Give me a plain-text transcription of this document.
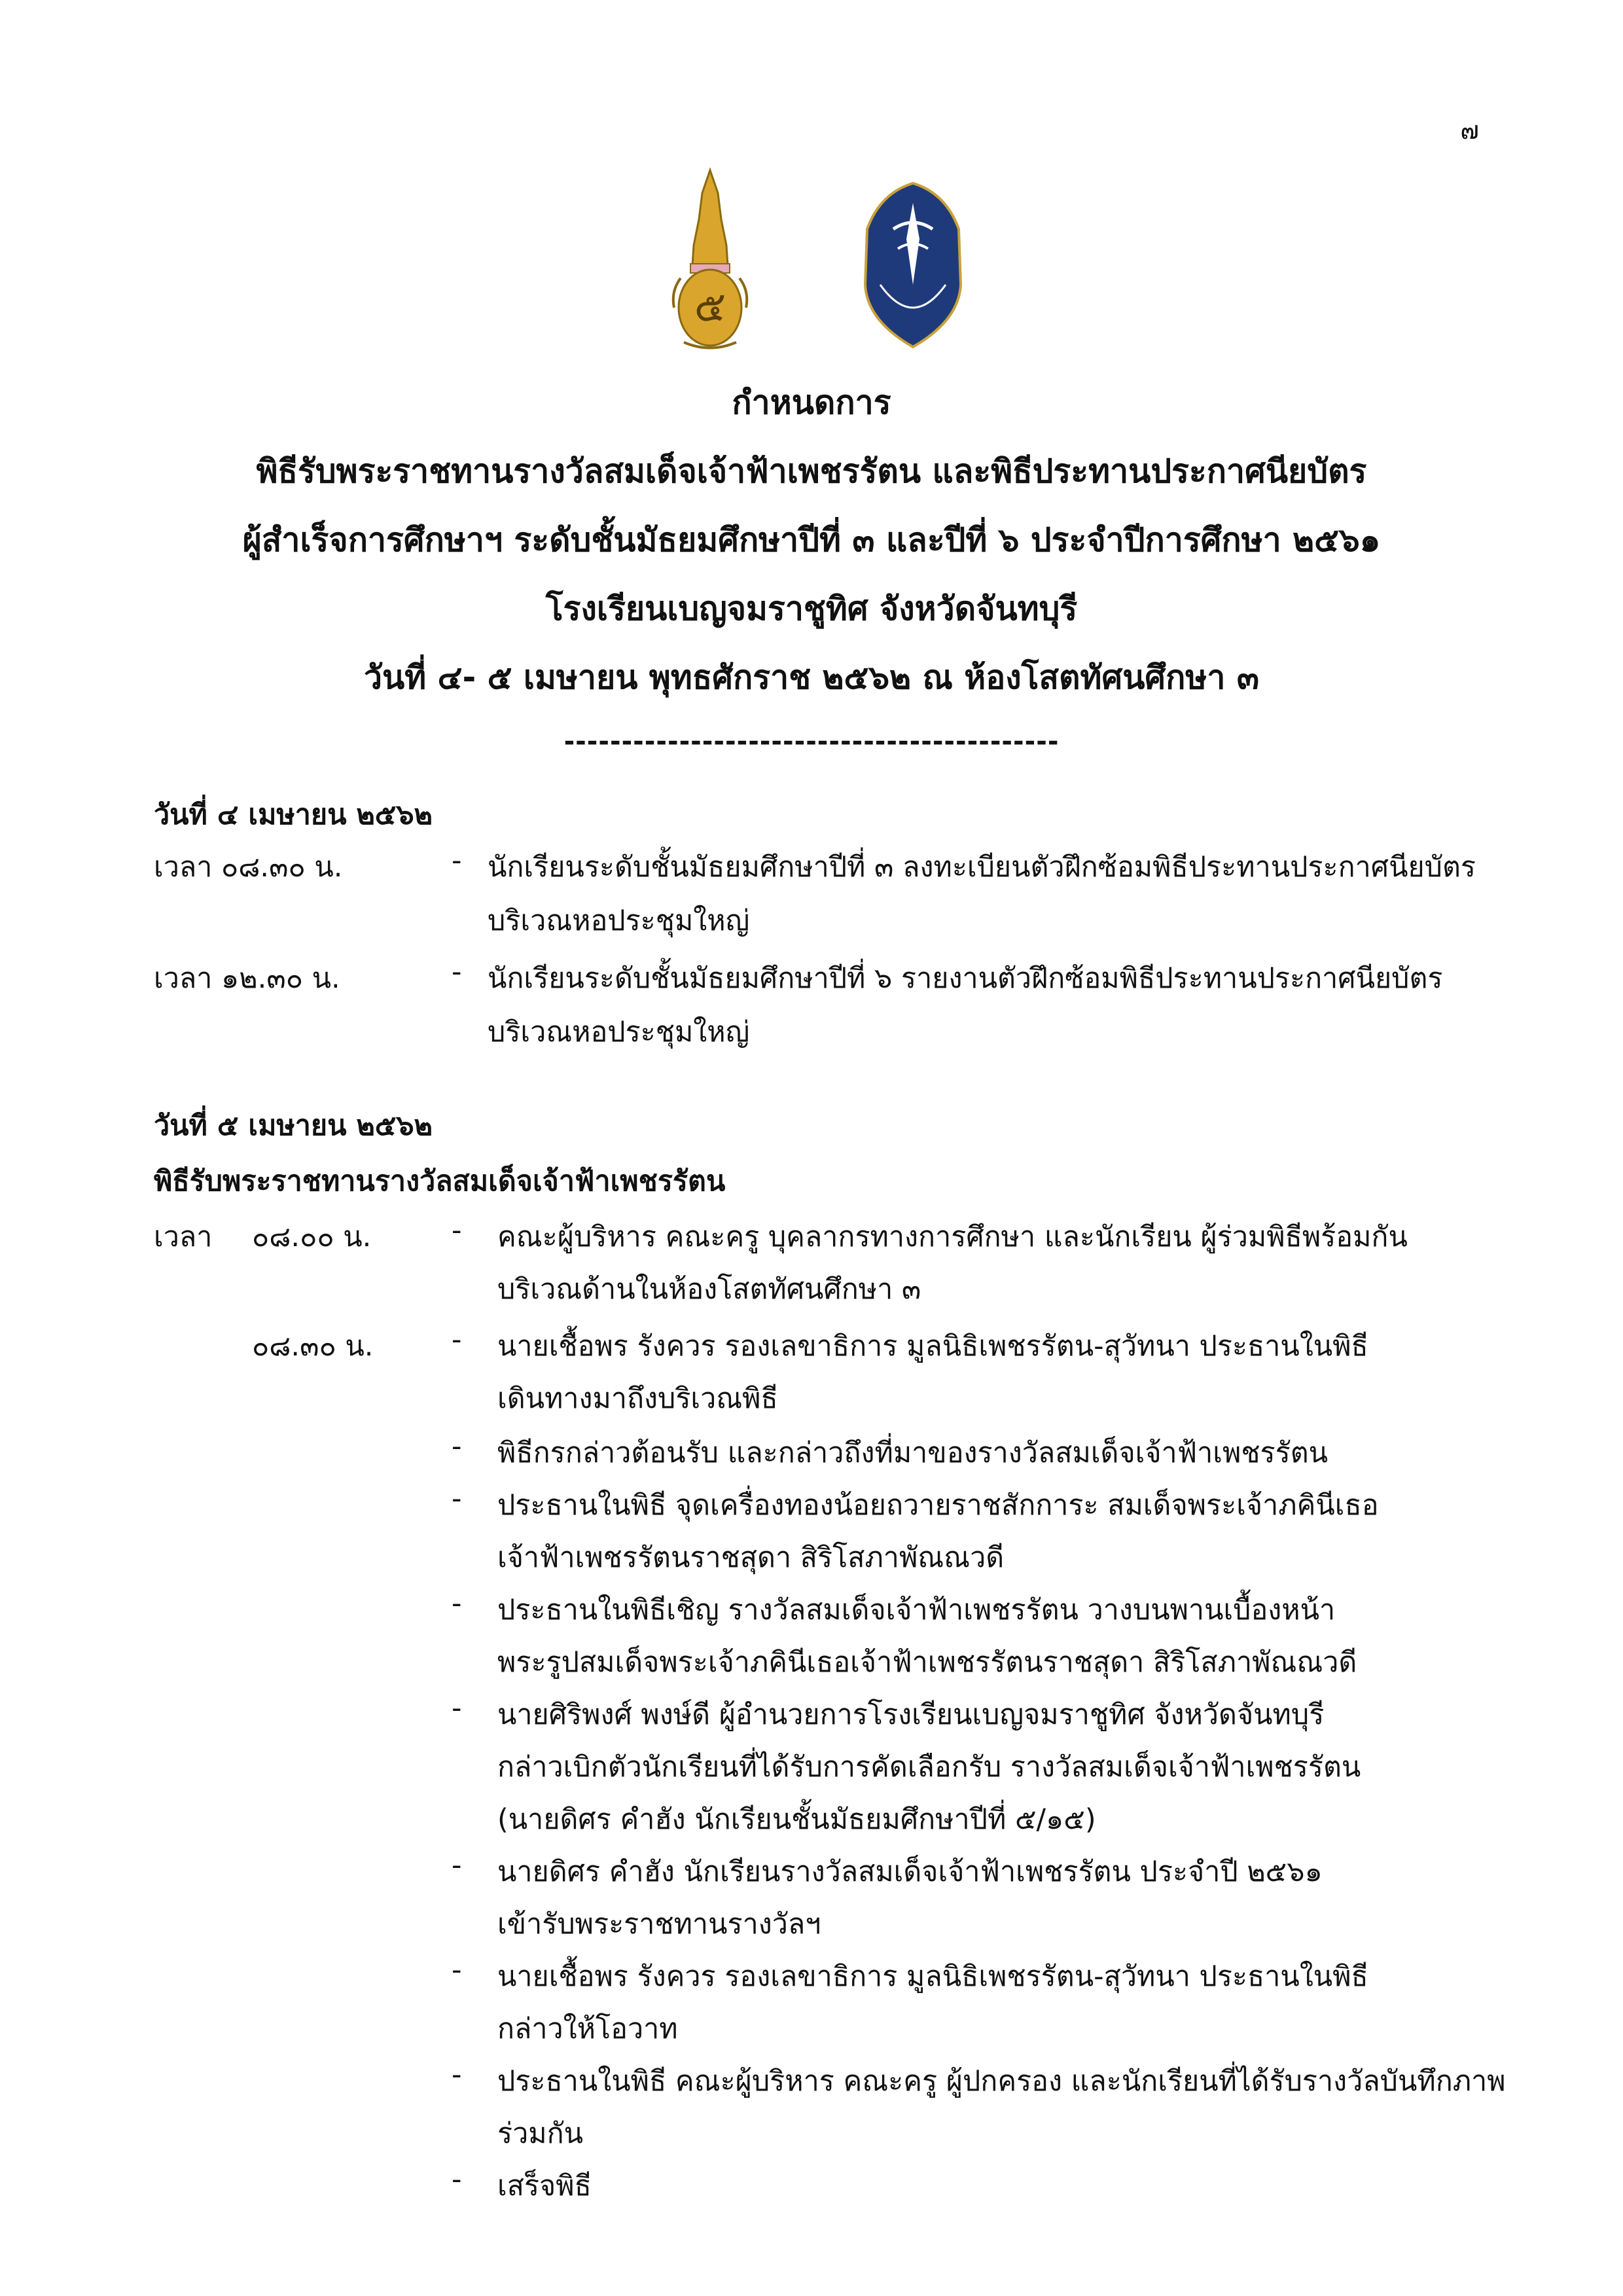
๗
๕
กำหนดการ
พิธีรับพระราชทานรางวัลสมเด็จเจ้าฟ้าเพชรรัตน และพิธีประทานประกาศนียบัตร
ผู้สำเร็จการศึกษาฯ ระดับชั้นมัธยมศึกษาปีที่ ๓ และปีที่ ๖ ประจำปีการศึกษา ๒๕๖๑
โรงเรียนเบญจมราชูทิศ จังหวัดจันทบุรี
วันที่ ๔- ๕ เมษายน พุทธศักราช ๒๕๖๒ ณ ห้องโสตทัศนศึกษา ๓
-------------------------------------------
วันที่ ๔ เมษายน ๒๕๖๒
เวลา ๐๘.๓๐ น.	- นักเรียนระดับชั้นมัธยมศึกษาปีที่ ๓ ลงทะเบียนตัวฝึกซ้อมพิธีประทานประกาศนียบัตร
บริเวณหอประชุมใหญ่
เวลา ๑๒.๓๐ น.	- นักเรียนระดับชั้นมัธยมศึกษาปีที่ ๖ รายงานตัวฝึกซ้อมพิธีประทานประกาศนียบัตร
บริเวณหอประชุมใหญ่
วันที่ ๕ เมษายน ๒๕๖๒
พิธีรับพระราชทานรางวัลสมเด็จเจ้าฟ้าเพชรรัตน
เวลา ๐๘.๐๐ น.	- คณะผู้บริหาร คณะครู บุคลากรทางการศึกษา และนักเรียน ผู้ร่วมพิธีพร้อมกัน
บริเวณด้านในห้องโสตทัศนศึกษา ๓
๐๘.๓๐ น.	- นายเชื้อพร รังควร รองเลขาธิการ มูลนิธิเพชรรัตน-สุวัทนา ประธานในพิธี
เดินทางมาถึงบริเวณพิธี
- พิธีกรกล่าวต้อนรับ และกล่าวถึงที่มาของรางวัลสมเด็จเจ้าฟ้าเพชรรัตน
- ประธานในพิธี จุดเครื่องทองน้อยถวายราชสักการะ สมเด็จพระเจ้าภคินีเธอ
เจ้าฟ้าเพชรรัตนราชสุดา สิริโสภาพัณณวดี
- ประธานในพิธีเชิญ รางวัลสมเด็จเจ้าฟ้าเพชรรัตน วางบนพานเบื้องหน้า
พระรูปสมเด็จพระเจ้าภคินีเธอเจ้าฟ้าเพชรรัตนราชสุดา สิริโสภาพัณณวดี
- นายศิริพงศ์ พงษ์ดี ผู้อำนวยการโรงเรียนเบญจมราชูทิศ จังหวัดจันทบุรี
กล่าวเบิกตัวนักเรียนที่ได้รับการคัดเลือกรับ รางวัลสมเด็จเจ้าฟ้าเพชรรัตน
(นายดิศร คำฮัง นักเรียนชั้นมัธยมศึกษาปีที่ ๕/๑๕)
- นายดิศร คำฮัง นักเรียนรางวัลสมเด็จเจ้าฟ้าเพชรรัตน ประจำปี ๒๕๖๑
เข้ารับพระราชทานรางวัลฯ
- นายเชื้อพร รังควร รองเลขาธิการ มูลนิธิเพชรรัตน-สุวัทนา ประธานในพิธี
กล่าวให้โอวาท
- ประธานในพิธี คณะผู้บริหาร คณะครู ผู้ปกครอง และนักเรียนที่ได้รับรางวัลบันทึกภาพ
ร่วมกัน
- เสร็จพิธี
